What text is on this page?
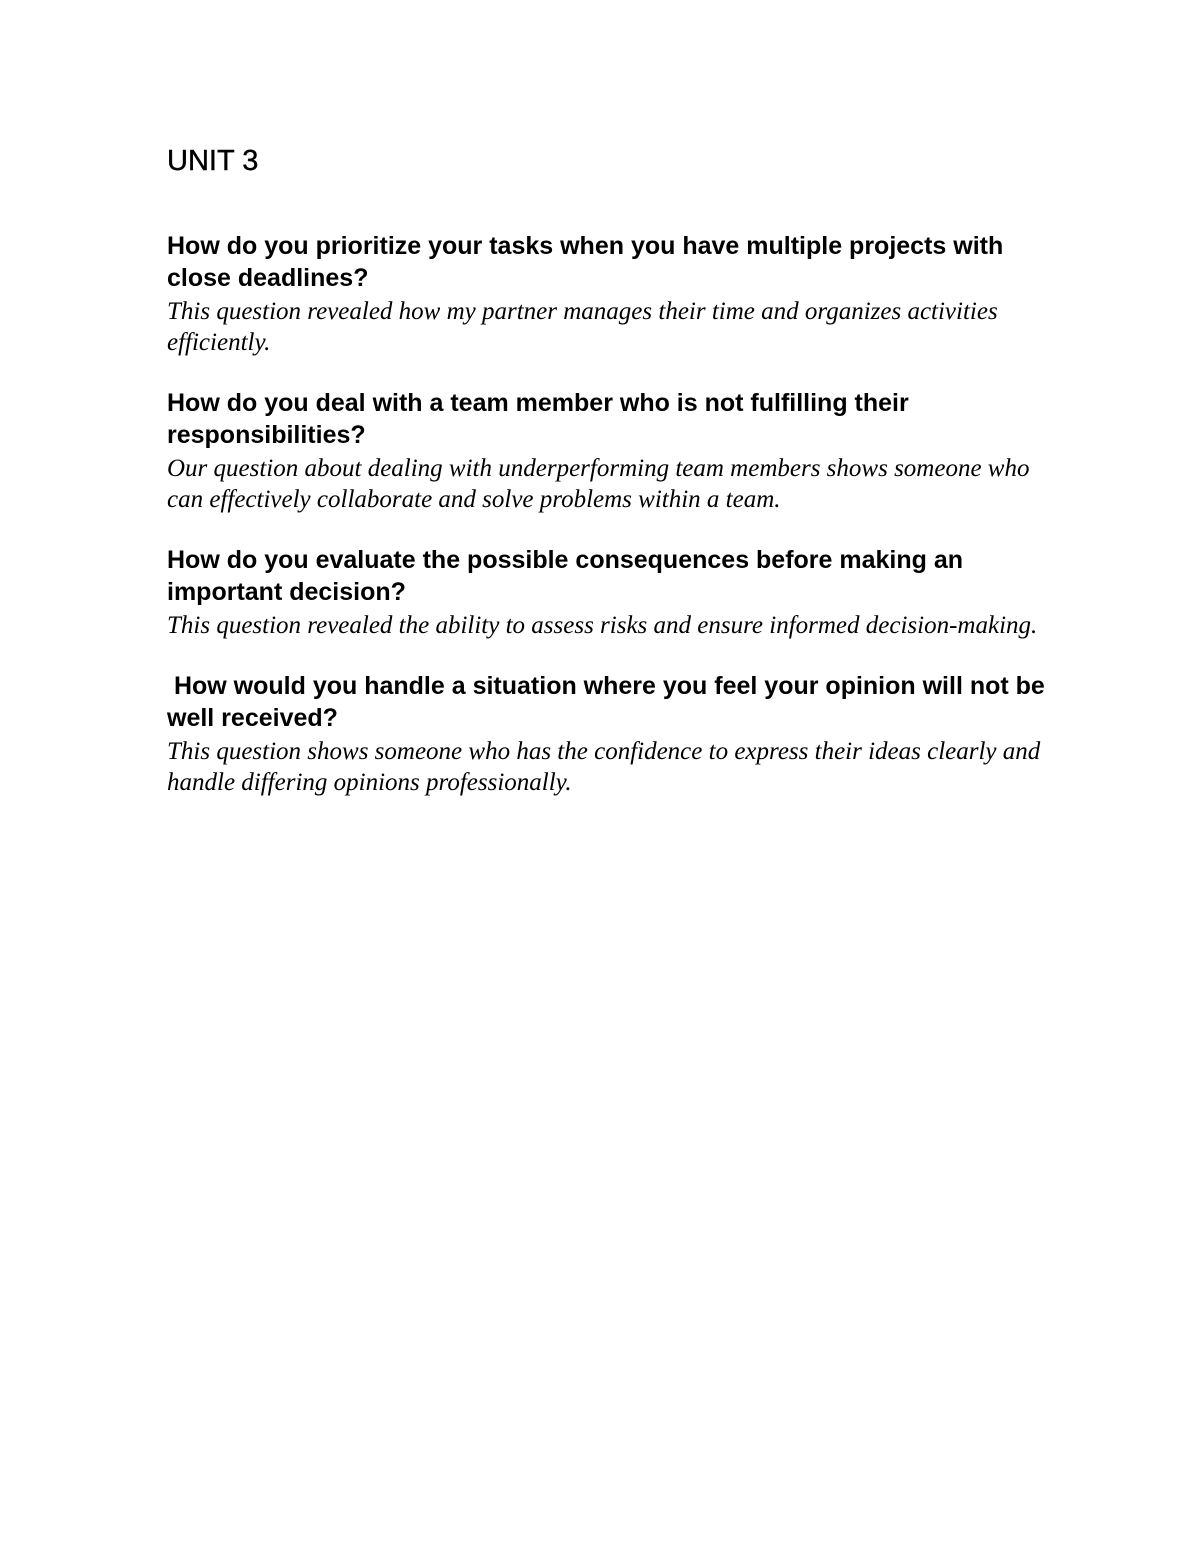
UNIT 3

How do you prioritize your tasks when you have multiple projects with close deadlines?

This question revealed how my partner manages their time and organizes activities efficiently.

How do you deal with a team member who is not fulfilling their responsibilities?

Our question about dealing with underperforming team members shows someone who can effectively collaborate and solve problems within a team.

How do you evaluate the possible consequences before making an important decision?

This question revealed the ability to assess risks and ensure informed decision-making.

How would you handle a situation where you feel your opinion will not be well received?

This question shows someone who has the confidence to express their ideas clearly and handle differing opinions professionally.
